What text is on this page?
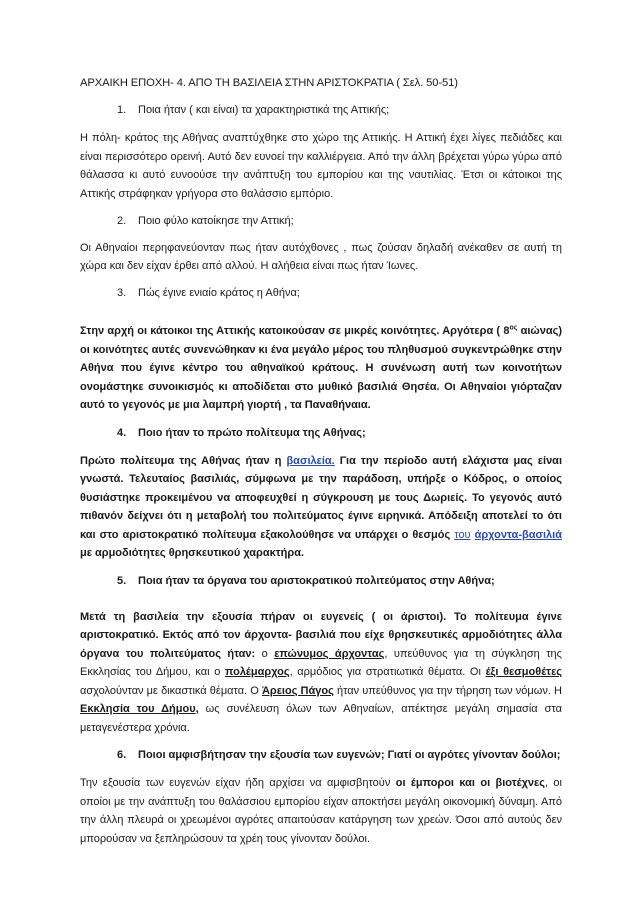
ΑΡΧΑΙΚΗ ΕΠΟΧΗ- 4. ΑΠΟ ΤΗ ΒΑΣΙΛΕΙΑ ΣΤΗΝ ΑΡΙΣΤΟΚΡΑΤΙΑ ( Σελ. 50-51)
1.	Ποια ήταν ( και είναι) τα χαρακτηριστικά της Αττικής;
Η πόλη- κράτος της Αθήνας αναπτύχθηκε στο χώρο της Αττικής. Η Αττική έχει λίγες πεδιάδες και είναι περισσότερο ορεινή. Αυτό δεν ευνοεί την καλλιέργεια. Από την άλλη βρέχεται γύρω γύρω από θάλασσα κι αυτό ευνοούσε την ανάπτυξη του εμπορίου και της ναυτιλίας. Έτσι οι κάτοικοι της Αττικής στράφηκαν γρήγορα στο θαλάσσιο εμπόριο.
2.	Ποιο φύλο κατοίκησε την Αττική;
Οι Αθηναίοι περηφανεύονταν πως ήταν αυτόχθονες , πως ζούσαν δηλαδή ανέκαθεν σε αυτή τη χώρα και δεν είχαν έρθει από αλλού. Η αλήθεια είναι πως ήταν Ίωνες.
3.	Πώς έγινε ενιαίο κράτος η Αθήνα;
Στην αρχή οι κάτοικοι της Αττικής κατοικούσαν σε μικρές κοινότητες. Αργότερα ( $8^{o\varsigma}$ αιώνας) οι κοινότητες αυτές συνενώθηκαν κι ένα μεγάλο μέρος του πληθυσμού συγκεντρώθηκε στην Αθήνα που έγινε κέντρο του αθηναϊκού κράτους. Η συνένωση αυτή των κοινοτήτων ονομάστηκε συνοικισμός κι αποδίδεται στο μυθικό βασιλιά Θησέα. Οι Αθηναίοι γιόρταζαν αυτό το γεγονός με μια λαμπρή γιορτή , τα Παναθήναια.
4.	Ποιο ήταν το πρώτο πολίτευμα της Αθήνας;
Πρώτο πολίτευμα της Αθήνας ήταν η βασιλεία. Για την περίοδο αυτή ελάχιστα μας είναι γνωστά. Τελευταίος βασιλιάς, σύμφωνα με την παράδοση, υπήρξε ο Κόδρος, ο οποίος θυσιάστηκε προκειμένου να αποφευχθεί η σύγκρουση με τους Δωριείς. Το γεγονός αυτό πιθανόν δείχνει ότι η μεταβολή του πολιτεύματος έγινε ειρηνικά. Απόδειξη αποτελεί το ότι και στο αριστοκρατικό πολίτευμα εξακολούθησε να υπάρχει ο θεσμός του άρχοντα-βασιλιά με αρμοδιότητες θρησκευτικού χαρακτήρα.
5.	Ποια ήταν τα όργανα του αριστοκρατικού πολιτεύματος στην Αθήνα;
Μετά τη βασιλεία την εξουσία πήραν οι ευγενείς ( οι άριστοι). Το πολίτευμα έγινε αριστοκρατικό. Εκτός από τον άρχοντα- βασιλιά που είχε θρησκευτικές αρμοδιότητες άλλα όργανα του πολιτεύματος ήταν: ο επώνυμος άρχοντας, υπεύθυνος για τη σύγκληση της Εκκλησίας του Δήμου, και ο πολέμαρχος, αρμόδιος για στρατιωτικά θέματα. Οι έξι θεσμοθέτες ασχολούνταν με δικαστικά θέματα. Ο Άρειος Πάγος ήταν υπεύθυνος για την τήρηση των νόμων. Η Εκκλησία του Δήμου, ως συνέλευση όλων των Αθηναίων, απέκτησε μεγάλη σημασία στα μεταγενέστερα χρόνια.
6.	Ποιοι αμφισβήτησαν την εξουσία των ευγενών; Γιατί οι αγρότες γίνονταν δούλοι;
Την εξουσία των ευγενών είχαν ήδη αρχίσει να αμφισβητούν οι έμποροι και οι βιοτέχνες, οι οποίοι με την ανάπτυξη του θαλάσσιου εμπορίου είχαν αποκτήσει μεγάλη οικονομική δύναμη. Από την άλλη πλευρά οι χρεωμένοι αγρότες απαιτούσαν κατάργηση των χρεών. Όσοι από αυτούς δεν μπορούσαν να ξεπληρώσουν τα χρέη τους γίνονταν δούλοι.
